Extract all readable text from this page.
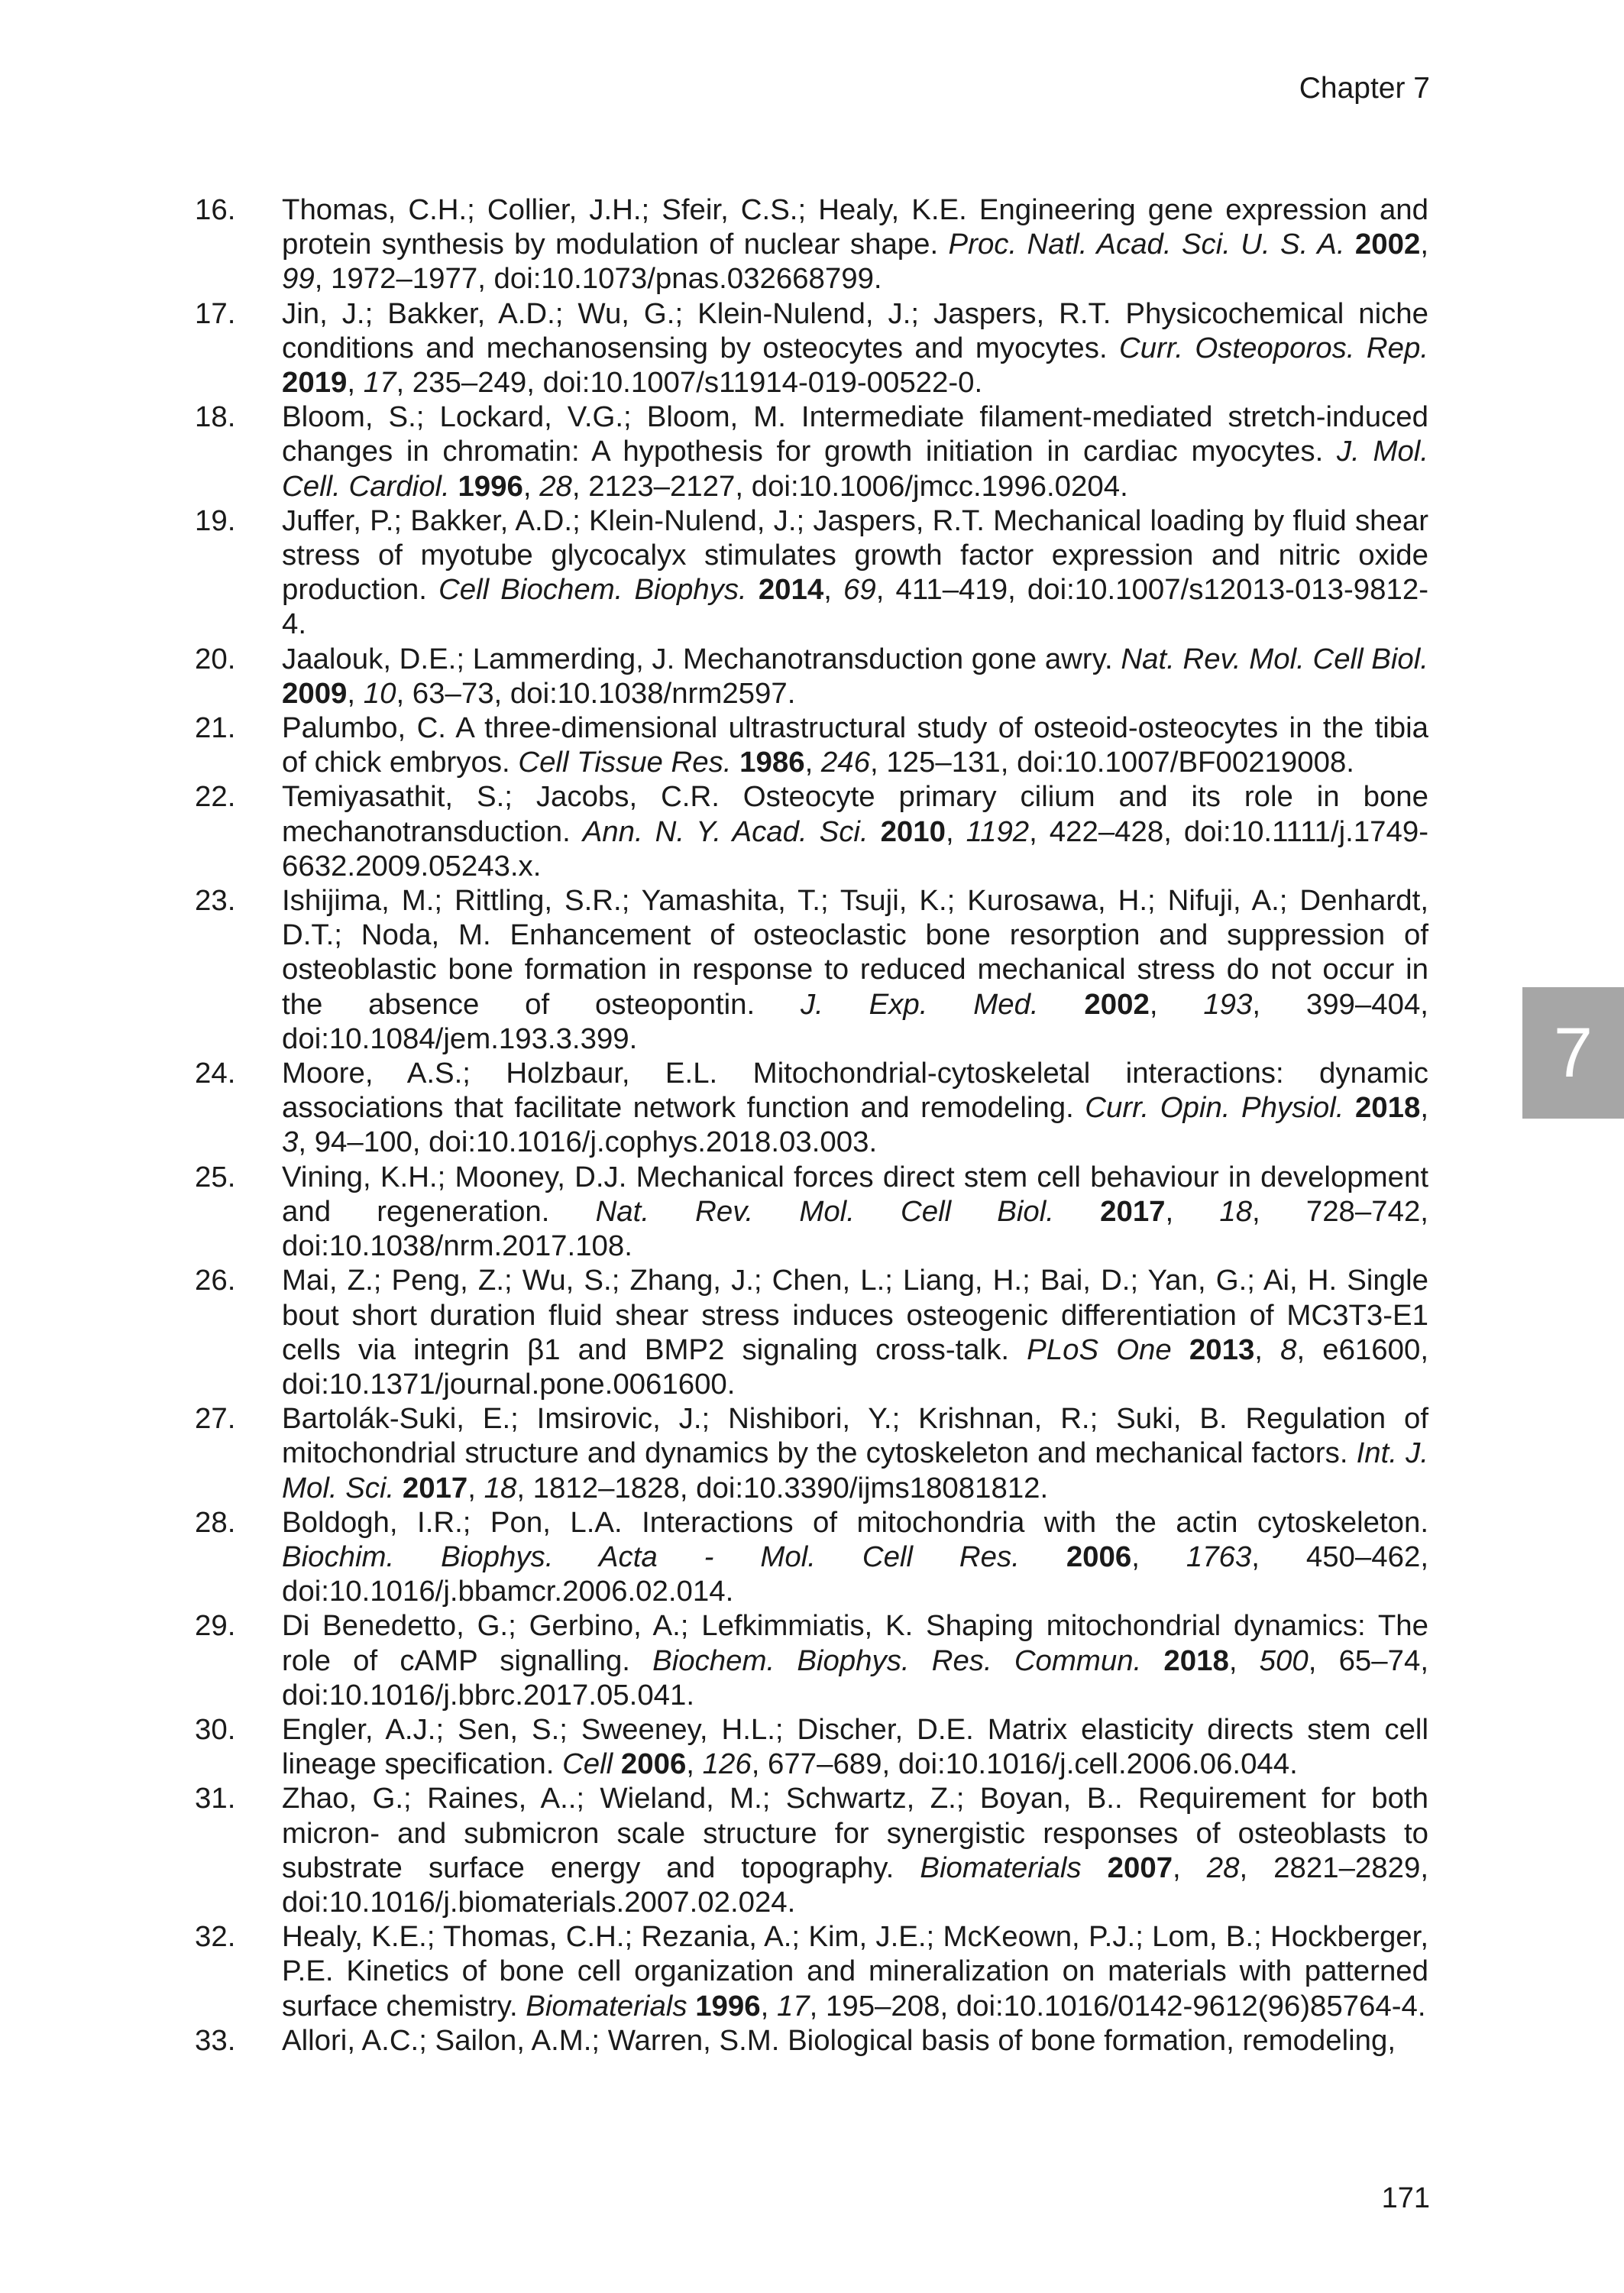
Chapter 7
16.	Thomas, C.H.; Collier, J.H.; Sfeir, C.S.; Healy, K.E. Engineering gene expression and protein synthesis by modulation of nuclear shape. Proc. Natl. Acad. Sci. U. S. A. 2002, 99, 1972–1977, doi:10.1073/pnas.032668799.
17.	Jin, J.; Bakker, A.D.; Wu, G.; Klein-Nulend, J.; Jaspers, R.T. Physicochemical niche conditions and mechanosensing by osteocytes and myocytes. Curr. Osteoporos. Rep. 2019, 17, 235–249, doi:10.1007/s11914-019-00522-0.
18.	Bloom, S.; Lockard, V.G.; Bloom, M. Intermediate filament-mediated stretch-induced changes in chromatin: A hypothesis for growth initiation in cardiac myocytes. J. Mol. Cell. Cardiol. 1996, 28, 2123–2127, doi:10.1006/jmcc.1996.0204.
19.	Juffer, P.; Bakker, A.D.; Klein-Nulend, J.; Jaspers, R.T. Mechanical loading by fluid shear stress of myotube glycocalyx stimulates growth factor expression and nitric oxide production. Cell Biochem. Biophys. 2014, 69, 411–419, doi:10.1007/s12013-013-9812-4.
20.	Jaalouk, D.E.; Lammerding, J. Mechanotransduction gone awry. Nat. Rev. Mol. Cell Biol. 2009, 10, 63–73, doi:10.1038/nrm2597.
21.	Palumbo, C. A three-dimensional ultrastructural study of osteoid-osteocytes in the tibia of chick embryos. Cell Tissue Res. 1986, 246, 125–131, doi:10.1007/BF00219008.
22.	Temiyasathit, S.; Jacobs, C.R. Osteocyte primary cilium and its role in bone mechanotransduction. Ann. N. Y. Acad. Sci. 2010, 1192, 422–428, doi:10.1111/j.1749-6632.2009.05243.x.
23.	Ishijima, M.; Rittling, S.R.; Yamashita, T.; Tsuji, K.; Kurosawa, H.; Nifuji, A.; Denhardt, D.T.; Noda, M. Enhancement of osteoclastic bone resorption and suppression of osteoblastic bone formation in response to reduced mechanical stress do not occur in the absence of osteopontin. J. Exp. Med. 2002, 193, 399–404, doi:10.1084/jem.193.3.399.
24.	Moore, A.S.; Holzbaur, E.L. Mitochondrial-cytoskeletal interactions: dynamic associations that facilitate network function and remodeling. Curr. Opin. Physiol. 2018, 3, 94–100, doi:10.1016/j.cophys.2018.03.003.
25.	Vining, K.H.; Mooney, D.J. Mechanical forces direct stem cell behaviour in development and regeneration. Nat. Rev. Mol. Cell Biol. 2017, 18, 728–742, doi:10.1038/nrm.2017.108.
26.	Mai, Z.; Peng, Z.; Wu, S.; Zhang, J.; Chen, L.; Liang, H.; Bai, D.; Yan, G.; Ai, H. Single bout short duration fluid shear stress induces osteogenic differentiation of MC3T3-E1 cells via integrin β1 and BMP2 signaling cross-talk. PLoS One 2013, 8, e61600, doi:10.1371/journal.pone.0061600.
27.	Bartolák-Suki, E.; Imsirovic, J.; Nishibori, Y.; Krishnan, R.; Suki, B. Regulation of mitochondrial structure and dynamics by the cytoskeleton and mechanical factors. Int. J. Mol. Sci. 2017, 18, 1812–1828, doi:10.3390/ijms18081812.
28.	Boldogh, I.R.; Pon, L.A. Interactions of mitochondria with the actin cytoskeleton. Biochim. Biophys. Acta - Mol. Cell Res. 2006, 1763, 450–462, doi:10.1016/j.bbamcr.2006.02.014.
29.	Di Benedetto, G.; Gerbino, A.; Lefkimmiatis, K. Shaping mitochondrial dynamics: The role of cAMP signalling. Biochem. Biophys. Res. Commun. 2018, 500, 65–74, doi:10.1016/j.bbrc.2017.05.041.
30.	Engler, A.J.; Sen, S.; Sweeney, H.L.; Discher, D.E. Matrix elasticity directs stem cell lineage specification. Cell 2006, 126, 677–689, doi:10.1016/j.cell.2006.06.044.
31.	Zhao, G.; Raines, A..; Wieland, M.; Schwartz, Z.; Boyan, B.. Requirement for both micron- and submicron scale structure for synergistic responses of osteoblasts to substrate surface energy and topography. Biomaterials 2007, 28, 2821–2829, doi:10.1016/j.biomaterials.2007.02.024.
32.	Healy, K.E.; Thomas, C.H.; Rezania, A.; Kim, J.E.; McKeown, P.J.; Lom, B.; Hockberger, P.E. Kinetics of bone cell organization and mineralization on materials with patterned surface chemistry. Biomaterials 1996, 17, 195–208, doi:10.1016/0142-9612(96)85764-4.
33.	Allori, A.C.; Sailon, A.M.; Warren, S.M. Biological basis of bone formation, remodeling,
7
171
